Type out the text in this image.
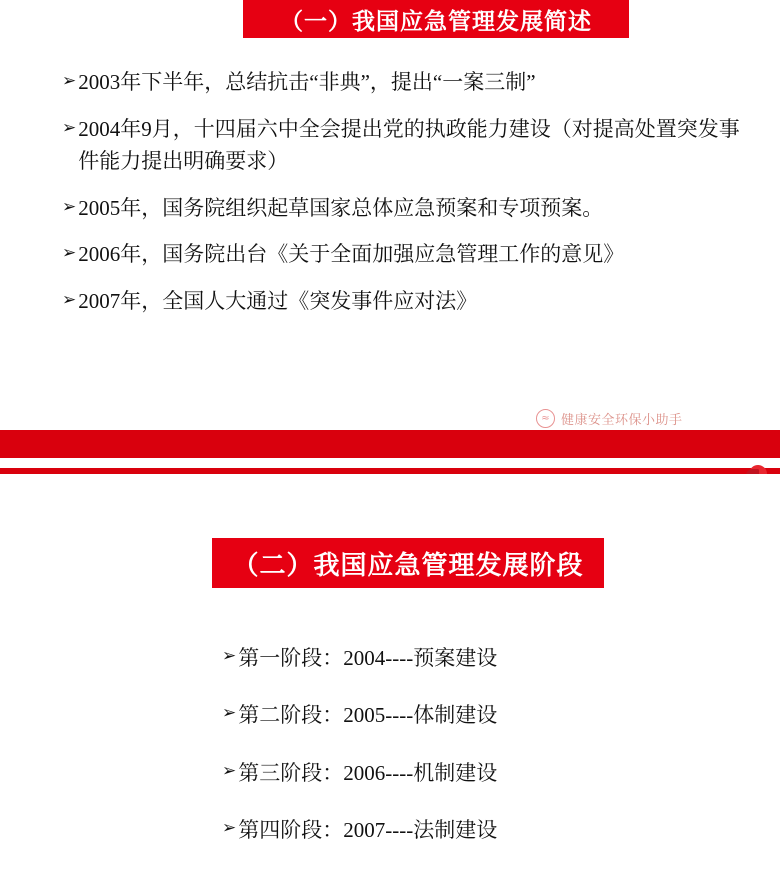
（一）我国应急管理发展简述
➢ 2003年下半年，总结抗击“非典”，提出“一案三制”
➢ 2004年9月，十四届六中全会提出党的执政能力建设（对提高处置突发事件能力提出明确要求）
➢ 2005年，国务院组织起草国家总体应急预案和专项预案。
➢ 2006年，国务院出台《关于全面加强应急管理工作的意见》
➢ 2007年，全国人大通过《突发事件应对法》
≈ 健康安全环保小助手
（二）我国应急管理发展阶段
➢ 第一阶段：2004----预案建设
➢ 第二阶段：2005----体制建设
➢ 第三阶段：2006----机制建设
➢ 第四阶段：2007----法制建设
